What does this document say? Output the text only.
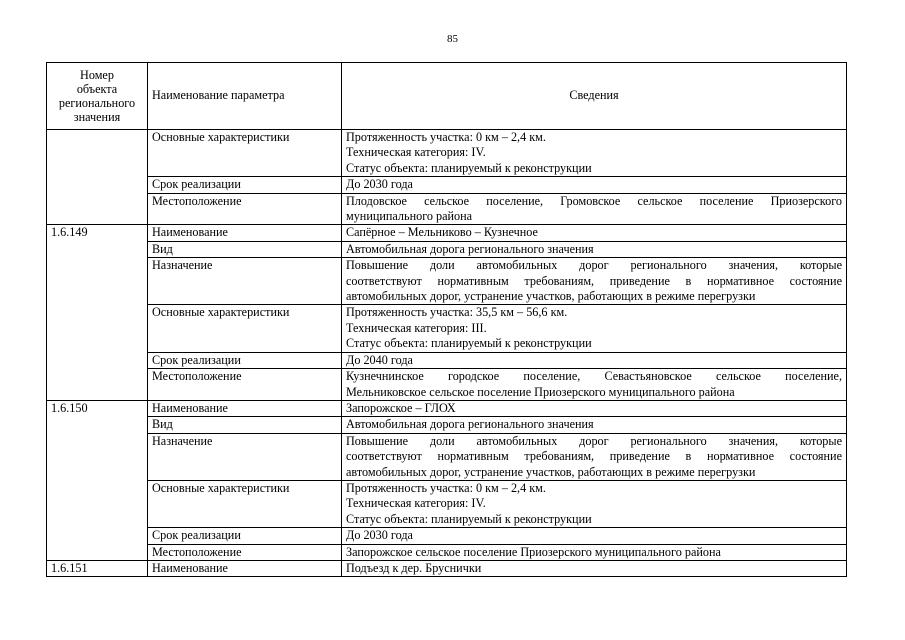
85
Номер
объекта
регионального
значения	Наименование параметра	Сведения
	Основные характеристики	Протяженность участка: 0 км – 2,4 км.
Техническая категория: IV.
Статус объекта: планируемый к реконструкции

	Срок реализации	До 2030 года

	Местоположение	Плодовское сельское поселение, Громовское сельское поселение Приозерского
муниципального района

1.6.149	Наименование	Сапёрное – Мельниково – Кузнечное

	Вид	Автомобильная дорога регионального значения

	Назначение	Повышение доли автомобильных дорог регионального значения, которые
соответствуют нормативным требованиям, приведение в нормативное состояние
автомобильных дорог, устранение участков, работающих в режиме перегрузки

	Основные характеристики	Протяженность участка: 35,5 км – 56,6 км.
Техническая категория: III.
Статус объекта: планируемый к реконструкции

	Срок реализации	До 2040 года

	Местоположение	Кузнечнинское городское поселение, Севастьяновское сельское поселение,
Мельниковское сельское поселение Приозерского муниципального района

1.6.150	Наименование	Запорожское – ГЛОХ

	Вид	Автомобильная дорога регионального значения

	Назначение	Повышение доли автомобильных дорог регионального значения, которые
соответствуют нормативным требованиям, приведение в нормативное состояние
автомобильных дорог, устранение участков, работающих в режиме перегрузки

	Основные характеристики	Протяженность участка: 0 км – 2,4 км.
Техническая категория: IV.
Статус объекта: планируемый к реконструкции

	Срок реализации	До 2030 года

	Местоположение	Запорожское сельское поселение Приозерского муниципального района

1.6.151	Наименование	Подъезд к дер. Бруснички
